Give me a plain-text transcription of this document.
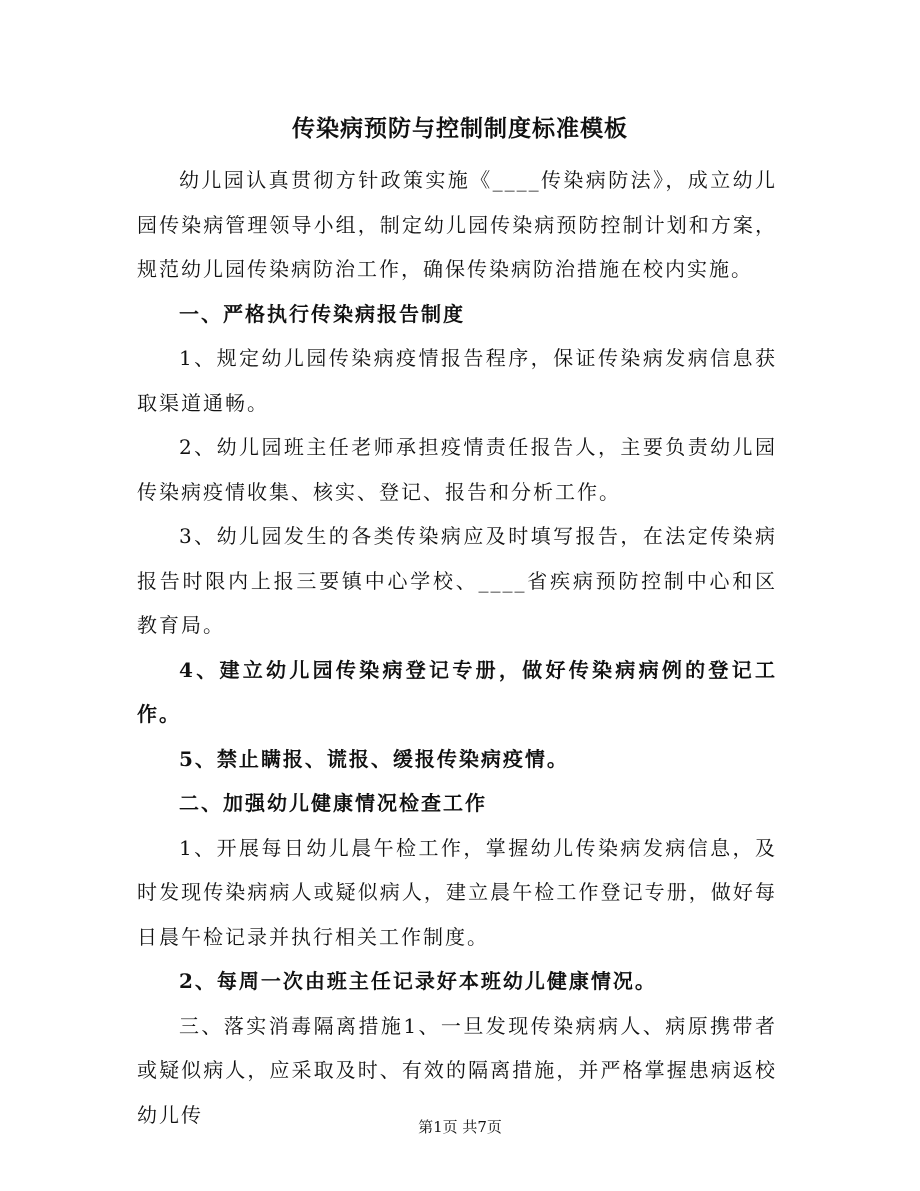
传染病预防与控制制度标准模板

幼儿园认真贯彻方针政策实施《____传染病防法》，成立幼儿园传染病管理领导小组，制定幼儿园传染病预防控制计划和方案，规范幼儿园传染病防治工作，确保传染病防治措施在校内实施。

一、严格执行传染病报告制度

1、规定幼儿园传染病疫情报告程序，保证传染病发病信息获取渠道通畅。

2、幼儿园班主任老师承担疫情责任报告人，主要负责幼儿园传染病疫情收集、核实、登记、报告和分析工作。

3、幼儿园发生的各类传染病应及时填写报告，在法定传染病报告时限内上报三要镇中心学校、____省疾病预防控制中心和区教育局。

4、建立幼儿园传染病登记专册，做好传染病病例的登记工作。

5、禁止瞒报、谎报、缓报传染病疫情。

二、加强幼儿健康情况检查工作

1、开展每日幼儿晨午检工作，掌握幼儿传染病发病信息，及时发现传染病病人或疑似病人，建立晨午检工作登记专册，做好每日晨午检记录并执行相关工作制度。

2、每周一次由班主任记录好本班幼儿健康情况。

三、落实消毒隔离措施1、一旦发现传染病病人、病原携带者或疑似病人，应采取及时、有效的隔离措施，并严格掌握患病返校幼儿传

第1页 共7页
